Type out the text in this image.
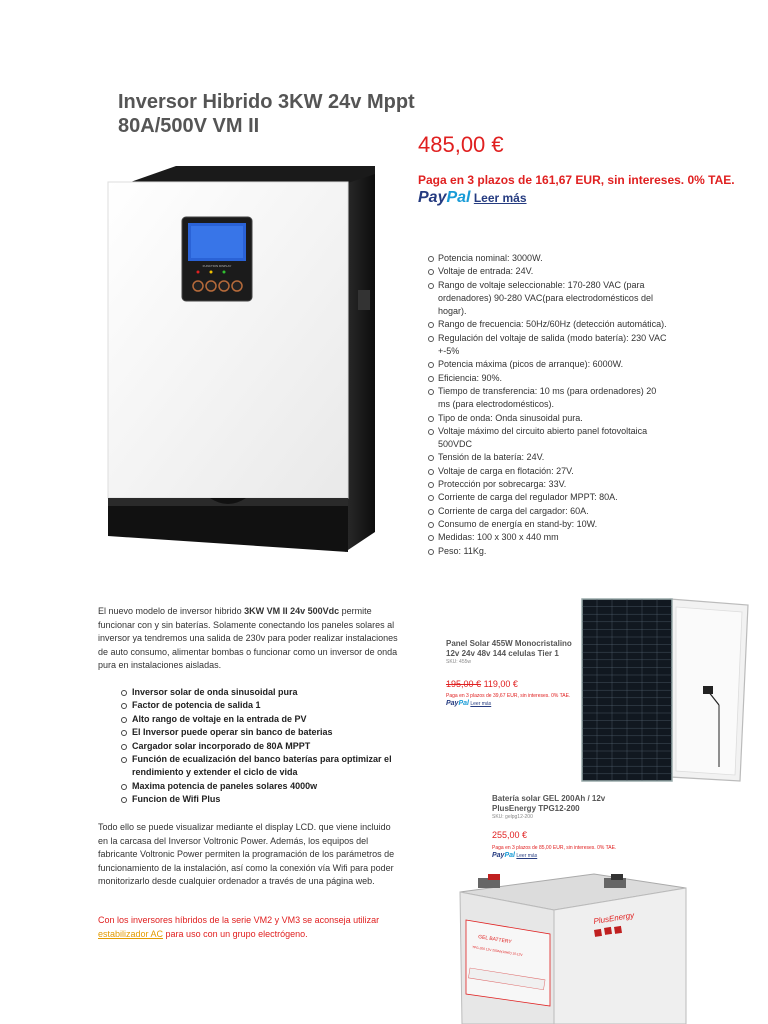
Inversor Hibrido 3KW 24v Mppt 80A/500V VM II
485,00 €
Paga en 3 plazos de 161,67 EUR, sin intereses. 0% TAE. PayPal Leer más
FUNCTION DISPLAY
Potencia nominal: 3000W.
Voltaje de entrada: 24V.
Rango de voltaje seleccionable: 170-280 VAC (para ordenadores) 90-280 VAC(para electrodomésticos del hogar).
Rango de frecuencia: 50Hz/60Hz (detección automática).
Regulación del voltaje de salida (modo batería): 230 VAC +-5%
Potencia máxima (picos de arranque): 6000W.
Eficiencia: 90%.
Tiempo de transferencia: 10 ms (para ordenadores) 20 ms (para electrodomésticos).
Tipo de onda: Onda sinusoidal pura.
Voltaje máximo del circuito abierto panel fotovoltaica 500VDC
Tensión de la batería: 24V.
Voltaje de carga en flotación: 27V.
Protección por sobrecarga: 33V.
Corriente de carga del regulador MPPT: 80A.
Corriente de carga del cargador: 60A.
Consumo de energía en stand-by: 10W.
Medidas: 100 x 300 x 440 mm
Peso: 11Kg.
El nuevo modelo de inversor hibrido 3KW VM II 24v 500Vdc permite funcionar con y sin baterías. Solamente conectando los paneles solares al inversor ya tendremos una salida de 230v para poder realizar instalaciones de auto consumo, alimentar bombas o funcionar como un inversor de onda pura en instalaciones aisladas.
Inversor solar de onda sinusoidal pura
Factor de potencia de salida 1
Alto rango de voltaje en la entrada de PV
El Inversor puede operar sin banco de baterias
Cargador solar incorporado de 80A MPPT
Función de ecualización del banco baterías para optimizar el rendimiento y extender el ciclo de vida
Maxima potencia de paneles solares 4000w
Funcion de Wifi Plus
Todo ello se puede visualizar mediante el display LCD. que viene incluido en la carcasa del Inversor Voltronic Power. Además, los equipos del fabricante Voltronic Power permiten la programación de los parámetros de funcionamiento de la instalación, así como la conexión vía Wifi para poder monitorizarlo desde cualquier ordenador a través de una página web.
Con los inversores híbridos de la serie VM2 y VM3 se aconseja utilizar estabilizador AC para uso con un grupo electrógeno.
Panel Solar 455W Monocristalino 12v 24v 48v 144 celulas Tier 1
SKU: 455w
195,00 € 119,00 €
Paga en 3 plazos de 39,67 EUR, sin intereses. 0% TAE. PayPal Leer más
Batería solar GEL 200Ah / 12v PlusEnergy TPG12-200
SKU: gelpg12-200
255,00 €
Paga en 3 plazos de 85,00 EUR, sin intereses. 0% TAE. PayPal Leer más
GEL BATTERY
TPG-200 12V 200Ah(10HR) 10-12V
PlusEnergy
